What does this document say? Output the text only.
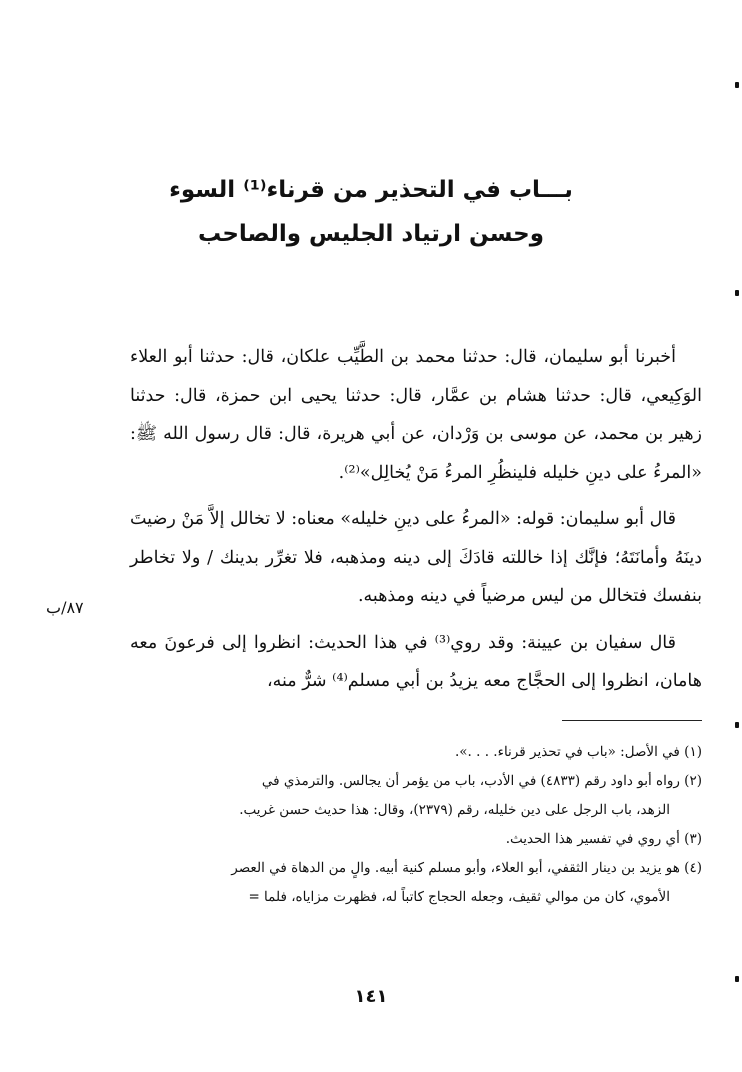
بـــاب في التحذير من قرناء⁽¹⁾ السوء
وحسن ارتياد الجليس والصاحب

أخبرنا أبو سليمان، قال: حدثنا محمد بن الطَّيِّب علكان، قال: حدثنا أبو العلاء الوَكِيعي، قال: حدثنا هشام بن عمَّار، قال: حدثنا يحيى ابن حمزة، قال: حدثنا زهير بن محمد، عن موسى بن وَرْدان، عن أبي هريرة، قال: قال رسول الله ﷺ: «المرءُ على دينِ خليله فلينظُرِ المرءُ مَنْ يُخالِل»⁽²⁾.

قال أبو سليمان: قوله: «المرءُ على دينِ خليله» معناه: لا تخالل إلاَّ مَنْ رضيتَ دينَهُ وأمانَتَهُ؛ فإنَّك إذا خاللته قادَكَ إلى دينه ومذهبه، فلا تغرِّر بدينك / ولا تخاطر بنفسك فتخالل من ليس مرضياً في دينه ومذهبه.

قال سفيان بن عيينة: وقد روي⁽³⁾ في هذا الحديث: انظروا إلى فرعونَ معه هامان، انظروا إلى الحجَّاج معه يزيدُ بن أبي مسلم⁽⁴⁾ شرٌّ منه،

٨٧/ب

(١) في الأصل: «باب في تحذير قرناء. . . .».

(٢) رواه أبو داود رقم (٤٨٣٣) في الأدب، باب من يؤمر أن يجالس. والترمذي في

الزهد، باب الرجل على دين خليله، رقم (٢٣٧٩)، وقال: هذا حديث حسن غريب.

(٣) أي روي في تفسير هذا الحديث.

(٤) هو يزيد بن دينار الثقفي، أبو العلاء، وأبو مسلم كنية أبيه. والٍ من الدهاة في العصر

الأموي، كان من موالي ثقيف، وجعله الحجاج كاتباً له، فظهرت مزاياه، فلما =

١٤١
